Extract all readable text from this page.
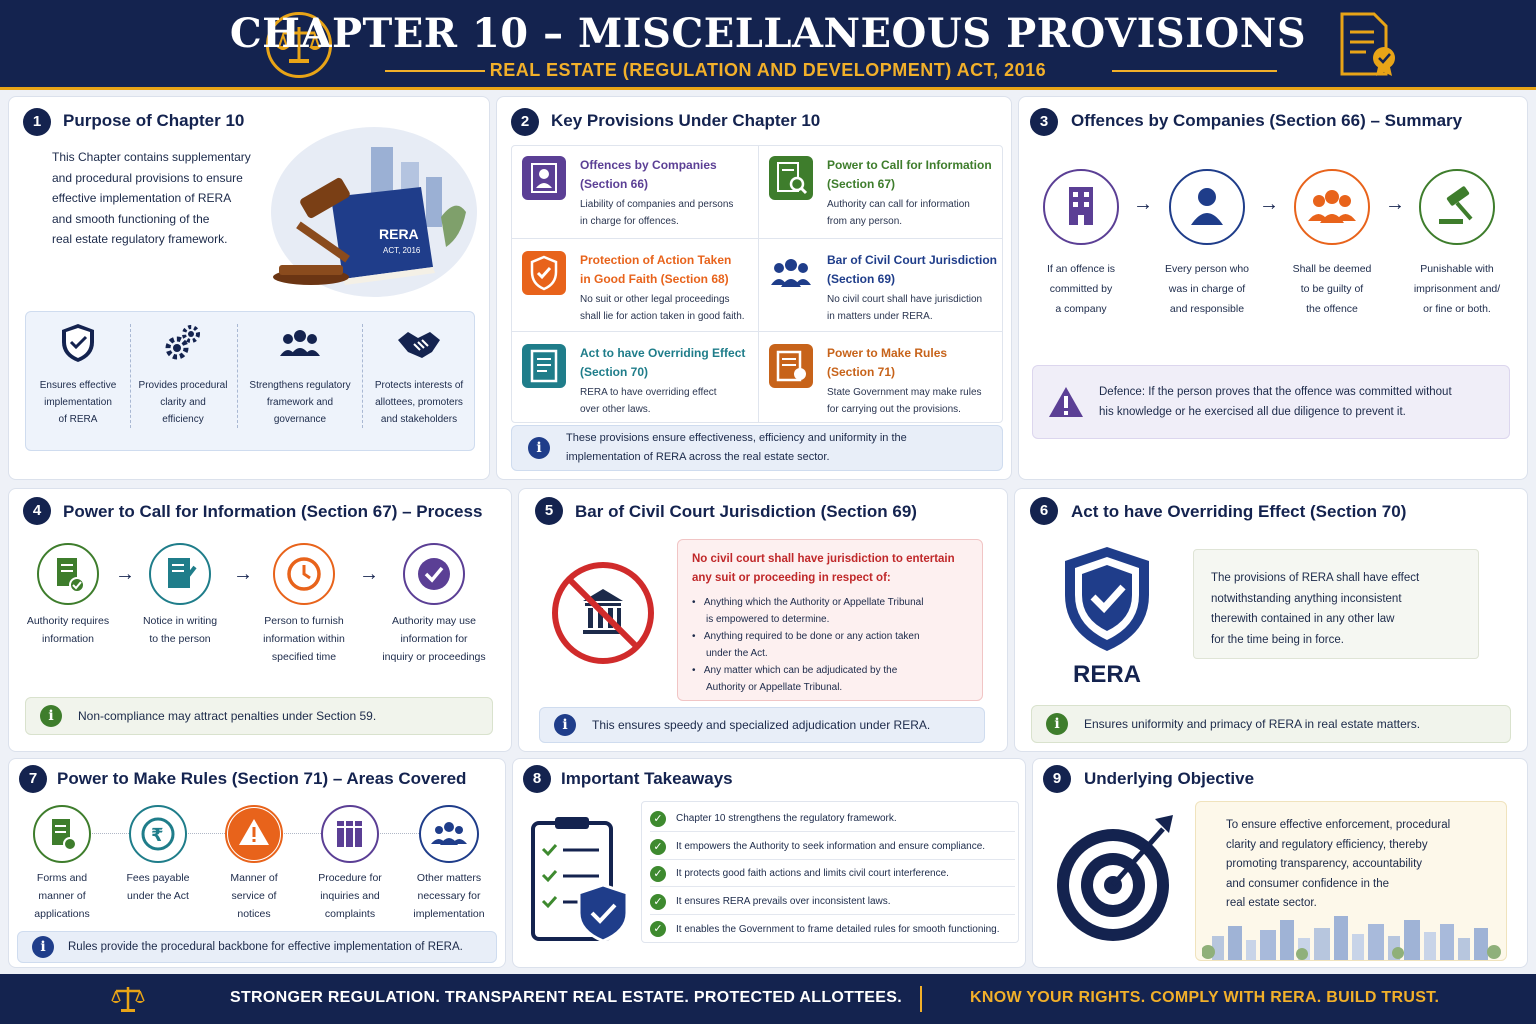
CHAPTER 10 – MISCELLANEOUS PROVISIONS
REAL ESTATE (REGULATION AND DEVELOPMENT) ACT, 2016
1	Purpose of Chapter 10
This Chapter contains supplementary
and procedural provisions to ensure
effective implementation of RERA
and smooth functioning of the
real estate regulatory framework.	RERA
ACT, 2016
Ensures effective
implementation
of RERA
Provides procedural
clarity and
efficiency
Strengthens regulatory
framework and
governance
Protects interests of
allottees, promoters
and stakeholders
2	Key Provisions Under Chapter 10
Offences by Companies
(Section 66)
Liability of companies and persons
in charge for offences.
Power to Call for Information
(Section 67)
Authority can call for information
from any person.
Protection of Action Taken
in Good Faith (Section 68)
No suit or other legal proceedings
shall lie for action taken in good faith.
Bar of Civil Court Jurisdiction
(Section 69)
No civil court shall have jurisdiction
in matters under RERA.
Act to have Overriding Effect
(Section 70)
RERA to have overriding effect
over other laws.
Power to Make Rules
(Section 71)
State Government may make rules
for carrying out the provisions.
i
These provisions ensure effectiveness, efficiency and uniformity in the
implementation of RERA across the real estate sector.
3	Offences by Companies (Section 66) – Summary
→	→	→
If an offence is
committed by
a company
Every person who
was in charge of
and responsible
Shall be deemed
to be guilty of
the offence
Punishable with
imprisonment and/
or fine or both.
Defence: If the person proves that the offence was committed without
his knowledge or he exercised all due diligence to prevent it.
4	Power to Call for Information (Section 67) – Process
→	→	→
Authority requires
information
Notice in writing
to the person
Person to furnish
information within
specified time
Authority may use
information for
inquiry or proceedings
i	Non-compliance may attract penalties under Section 59.
5	Bar of Civil Court Jurisdiction (Section 69)
No civil court shall have jurisdiction to entertain
any suit or proceeding in respect of:
•   Anything which the Authority or Appellate Tribunal
is empowered to determine.
•   Anything required to be done or any action taken
under the Act.
•   Any matter which can be adjudicated by the
Authority or Appellate Tribunal.
i	This ensures speedy and specialized adjudication under RERA.
6	Act to have Overriding Effect (Section 70)
RERA
The provisions of RERA shall have effect
notwithstanding anything inconsistent
therewith contained in any other law
for the time being in force.
i	Ensures uniformity and primacy of RERA in real estate matters.
7	Power to Make Rules (Section 71) – Areas Covered
₹
Forms and
manner of
applications
Fees payable
under the Act
Manner of
service of
notices
Procedure for
inquiries and
complaints
Other matters
necessary for
implementation
i	Rules provide the procedural backbone for effective implementation of RERA.
8	Important Takeaways
✓	Chapter 10 strengthens the regulatory framework.
✓	It empowers the Authority to seek information and ensure compliance.
✓	It protects good faith actions and limits civil court interference.
✓	It ensures RERA prevails over inconsistent laws.
✓	It enables the Government to frame detailed rules for smooth functioning.
9	Underlying Objective
To ensure effective enforcement, procedural
clarity and regulatory efficiency, thereby
promoting transparency, accountability
and consumer confidence in the
real estate sector.
STRONGER REGULATION. TRANSPARENT REAL ESTATE. PROTECTED ALLOTTEES.	KNOW YOUR RIGHTS. COMPLY WITH RERA. BUILD TRUST.
